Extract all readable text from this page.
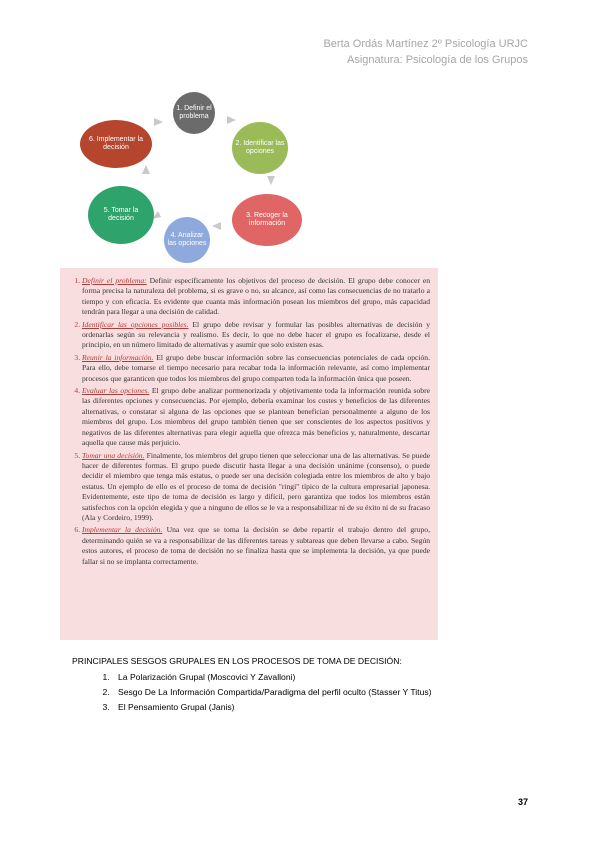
Berta Ordás Martínez 2º Psicología URJC
Asignatura: Psicología de los Grupos
1. Definir el problema
2. Identificar las opciones
3. Recoger la información
4. Analizar las opciones
5. Tomar la decisión
6. Implementar la decisión
1. Definir el problema: Definir específicamente los objetivos del proceso de decisión. El grupo debe conocer en forma precisa la naturaleza del problema, si es grave o no, su alcance, así como las consecuencias de no tratarlo a tiempo y con eficacia. Es evidente que cuanta más información posean los miembros del grupo, más capacidad tendrán para llegar a una decisión de calidad.
2. Identificar las opciones posibles. El grupo debe revisar y formular las posibles alternativas de decisión y ordenarlas según su relevancia y realismo. Es decir, lo que no debe hacer el grupo es focalizarse, desde el principio, en un número limitado de alternativas y asumir que solo existen esas.
3. Reunir la información. El grupo debe buscar información sobre las consecuencias potenciales de cada opción. Para ello, debe tomarse el tiempo necesario para recabar toda la información relevante, así como implementar procesos que garanticen que todos los miembros del grupo comparten toda la información única que poseen.
4. Evaluar las opciones. El grupo debe analizar pormenorizada y objetivamente toda la información reunida sobre las diferentes opciones y consecuencias. Por ejemplo, debería examinar los costes y beneficios de las diferentes alternativas, o constatar si alguna de las opciones que se plantean benefician personalmente a alguno de los miembros del grupo. Los miembros del grupo también tienen que ser conscientes de los aspectos positivos y negativos de las diferentes alternativas para elegir aquella que ofrezca más beneficios y, naturalmente, descartar aquella que cause más perjuicio.
5. Tomar una decisión. Finalmente, los miembros del grupo tienen que seleccionar una de las alternativas. Se puede hacer de diferentes formas. El grupo puede discutir hasta llegar a una decisión unánime (consenso), o puede decidir el miembro que tenga más estatus, o puede ser una decisión colegiada entre los miembros de alto y bajo estatus. Un ejemplo de ello es el proceso de toma de decisión "ringi" típico de la cultura empresarial japonesa. Evidentemente, este tipo de toma de decisión es largo y difícil, pero garantiza que todos los miembros están satisfechos con la opción elegida y que a ninguno de ellos se le va a responsabilizar ni de su éxito ni de su fracaso (Ala y Cordeiro, 1999).
6. Implementar la decisión. Una vez que se toma la decisión se debe repartir el trabajo dentro del grupo, determinando quién se va a responsabilizar de las diferentes tareas y subtareas que deben llevarse a cabo. Según estos autores, el proceso de toma de decisión no se finaliza hasta que se implementa la decisión, ya que puede fallar si no se implanta correctamente.
PRINCIPALES SESGOS GRUPALES EN LOS PROCESOS DE TOMA DE DECISIÓN:
1. La Polarización Grupal (Moscovici Y Zavalloni)
2. Sesgo De La Información Compartida/Paradigma del perfil oculto (Stasser Y Titus)
3. El Pensamiento Grupal (Janis)
37
